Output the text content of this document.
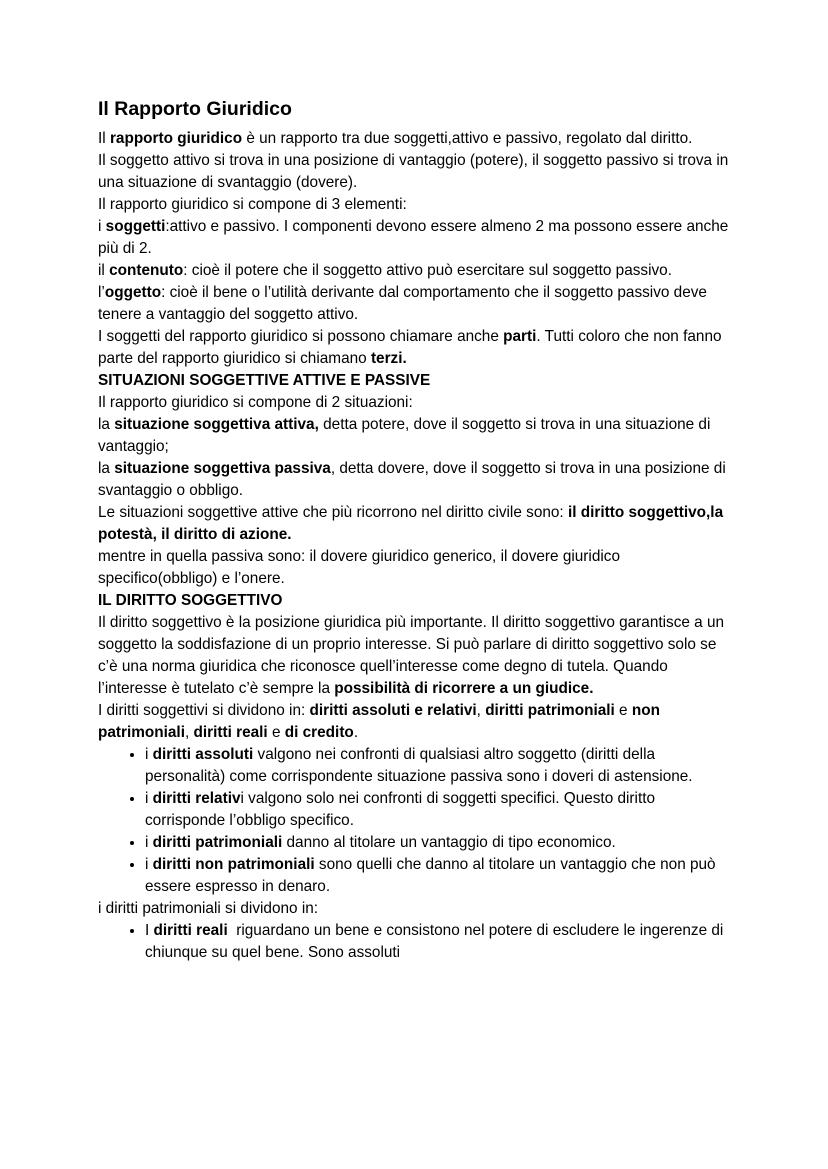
Il Rapporto Giuridico

Il rapporto giuridico è un rapporto tra due soggetti,attivo e passivo, regolato dal diritto.

Il soggetto attivo si trova in una posizione di vantaggio (potere), il soggetto passivo si trova in una situazione di svantaggio (dovere).

Il rapporto giuridico si compone di 3 elementi:

i soggetti:attivo e passivo. I componenti devono essere almeno 2 ma possono essere anche più di 2.

il contenuto: cioè il potere che il soggetto attivo può esercitare sul soggetto passivo.

l’oggetto: cioè il bene o l’utilità derivante dal comportamento che il soggetto passivo deve tenere a vantaggio del soggetto attivo.

I soggetti del rapporto giuridico si possono chiamare anche parti. Tutti coloro che non fanno parte del rapporto giuridico si chiamano terzi.

SITUAZIONI SOGGETTIVE ATTIVE E PASSIVE

Il rapporto giuridico si compone di 2 situazioni:

la situazione soggettiva attiva, detta potere, dove il soggetto si trova in una situazione di vantaggio;

la situazione soggettiva passiva, detta dovere, dove il soggetto si trova in una posizione di svantaggio o obbligo.

Le situazioni soggettive attive che più ricorrono nel diritto civile sono: il diritto soggettivo,la potestà, il diritto di azione.

mentre in quella passiva sono: il dovere giuridico generico, il dovere giuridico specifico(obbligo) e l’onere.

IL DIRITTO SOGGETTIVO

Il diritto soggettivo è la posizione giuridica più importante. Il diritto soggettivo garantisce a un soggetto la soddisfazione di un proprio interesse. Si può parlare di diritto soggettivo solo se c’è una norma giuridica che riconosce quell’interesse come degno di tutela. Quando l’interesse è tutelato c’è sempre la possibilità di ricorrere a un giudice.

I diritti soggettivi si dividono in: diritti assoluti e relativi, diritti patrimoniali e non patrimoniali, diritti reali e di credito.

• i diritti assoluti valgono nei confronti di qualsiasi altro soggetto (diritti della personalità) come corrispondente situazione passiva sono i doveri di astensione.
• i diritti relativi valgono solo nei confronti di soggetti specifici. Questo diritto corrisponde l’obbligo specifico.
• i diritti patrimoniali danno al titolare un vantaggio di tipo economico.
• i diritti non patrimoniali sono quelli che danno al titolare un vantaggio che non può essere espresso in denaro.

i diritti patrimoniali si dividono in:

• I diritti reali  riguardano un bene e consistono nel potere di escludere le ingerenze di chiunque su quel bene. Sono assoluti
